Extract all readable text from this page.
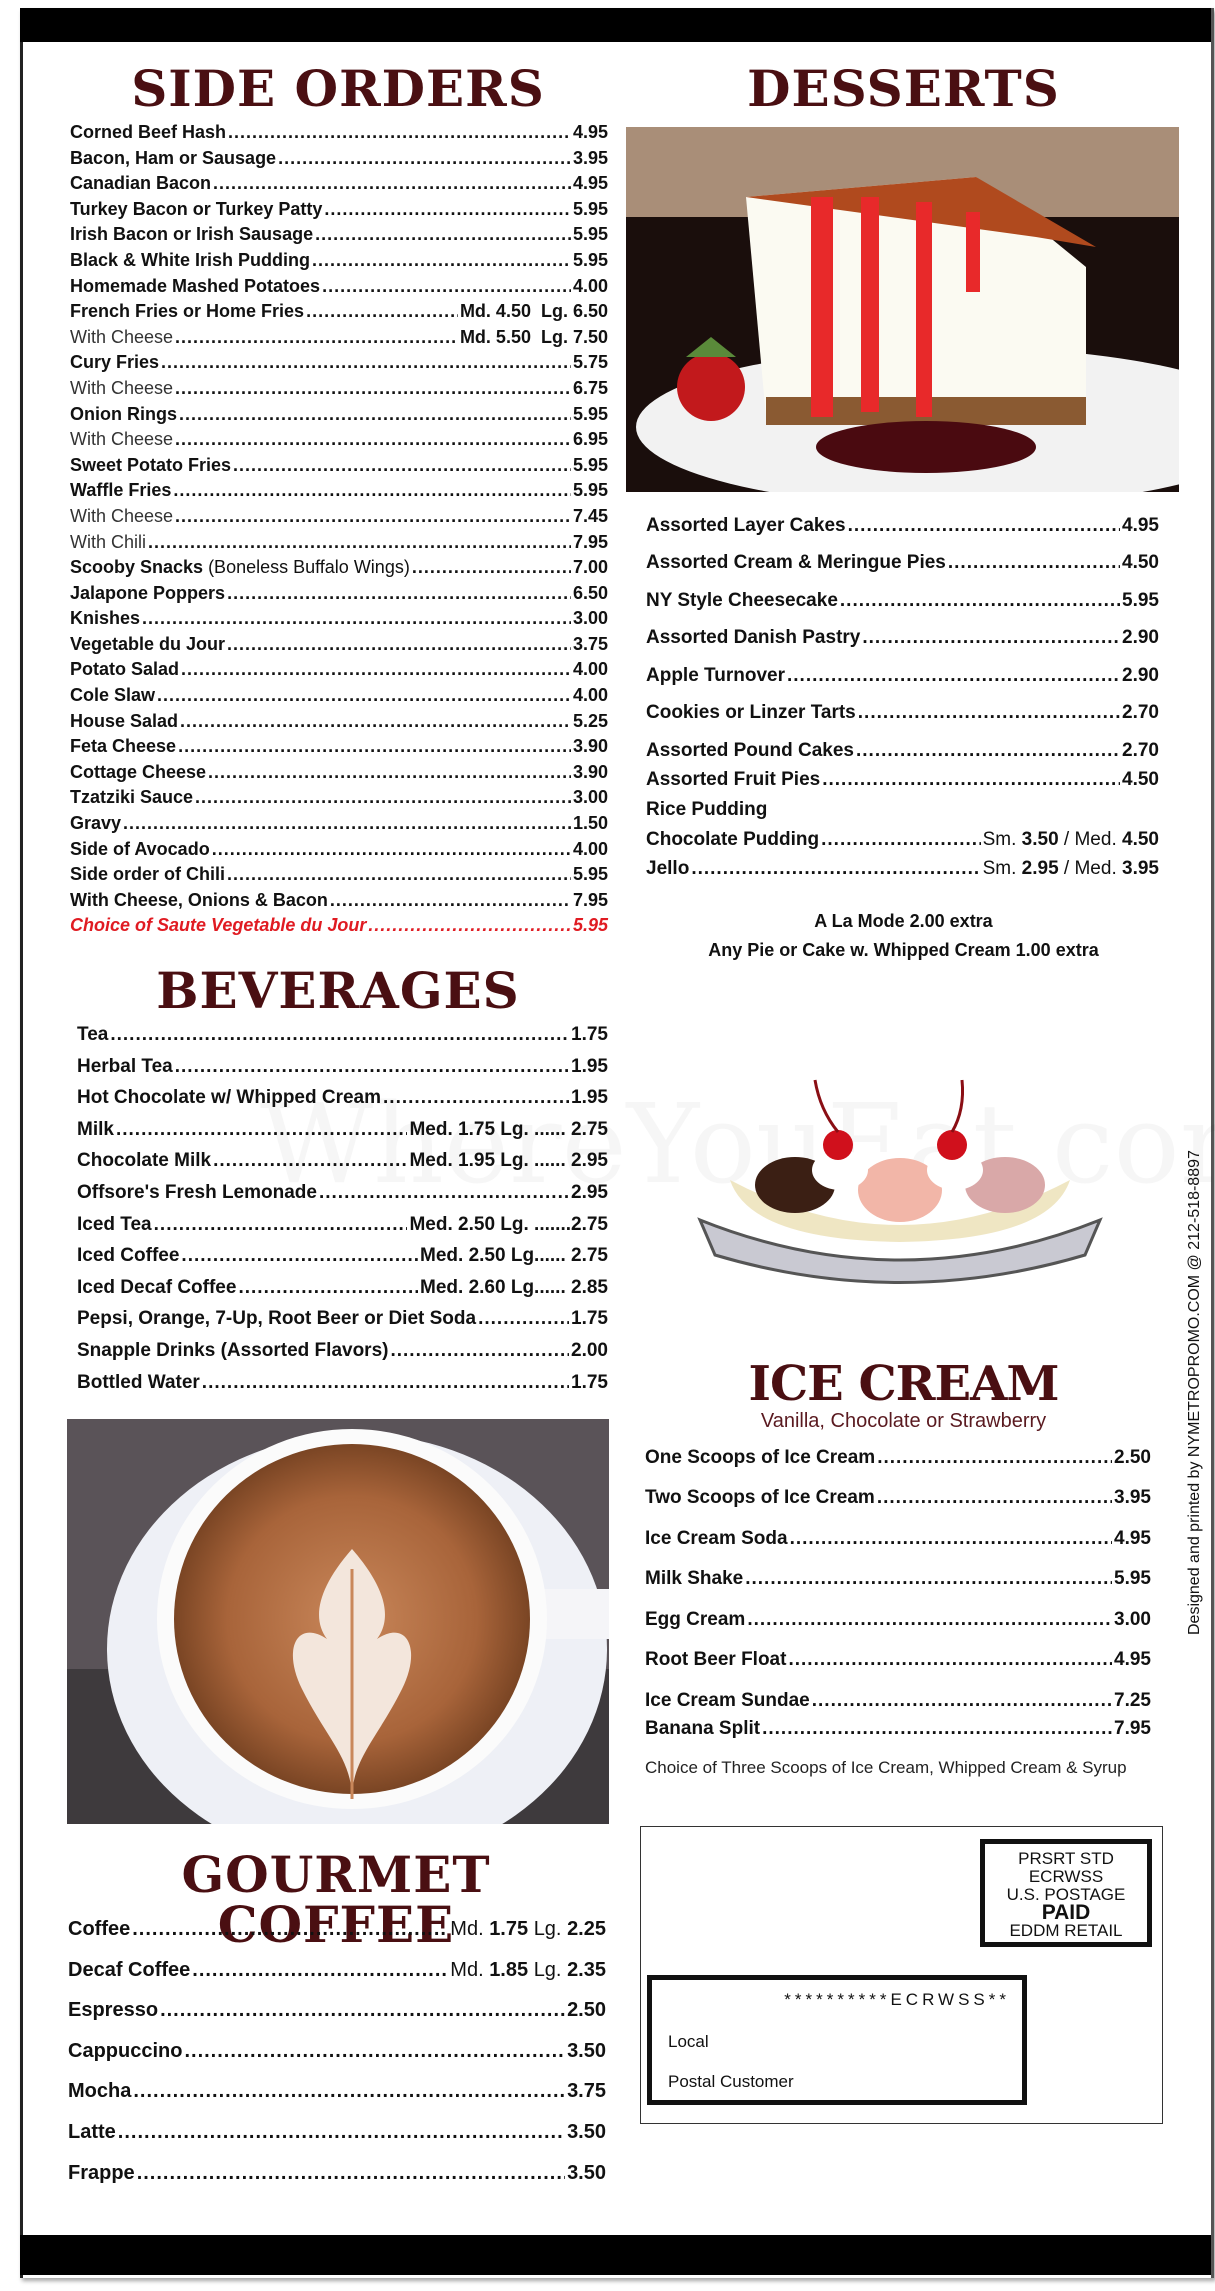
SIDE ORDERS
Corned Beef Hash .....	4.95
Bacon, Ham or Sausage .....	3.95
Canadian Bacon .....	4.95
Turkey Bacon or Turkey Patty .....	5.95
Irish Bacon or Irish Sausage .....	5.95
Black & White Irish Pudding .....	5.95
Homemade Mashed Potatoes .....	4.00
French Fries or Home Fries .....	Md. 4.50  Lg. 6.50
With Cheese .....	Md. 5.50  Lg. 7.50
Cury Fries .....	5.75
With Cheese .....	6.75
Onion Rings .....	5.95
With Cheese .....	6.95
Sweet Potato Fries .....	5.95
Waffle Fries .....	5.95
With Cheese .....	7.45
With Chili .....	7.95
Scooby Snacks (Boneless Buffalo Wings) .....	7.00
Jalapone Poppers .....	6.50
Knishes .....	3.00
Vegetable du Jour .....	3.75
Potato Salad .....	4.00
Cole Slaw .....	4.00
House Salad .....	5.25
Feta Cheese .....	3.90
Cottage Cheese .....	3.90
Tzatziki Sauce .....	3.00
Gravy .....	1.50
Side of Avocado .....	4.00
Side order of Chili .....	5.95
With Cheese, Onions & Bacon .....	7.95
Choice of Saute Vegetable du Jour .....	5.95
BEVERAGES
Tea .....	1.75
Herbal Tea .....	1.95
Hot Chocolate w/ Whipped Cream .....	1.95
Milk .....	Med. 1.75 Lg. ...... 2.75
Chocolate Milk .....	Med. 1.95 Lg. ...... 2.95
Offsore's Fresh Lemonade .....	2.95
Iced Tea .....	Med. 2.50 Lg. .......2.75
Iced Coffee .....	Med. 2.50 Lg...... 2.75
Iced Decaf Coffee .....	Med. 2.60 Lg...... 2.85
Pepsi, Orange, 7-Up, Root Beer or Diet Soda .....	1.75
Snapple Drinks (Assorted Flavors) .....	2.00
Bottled Water .....	1.75
GOURMET COFFEE
Coffee .....	Md. 1.75 Lg. 2.25
Decaf Coffee .....	Md. 1.85 Lg. 2.35
Espresso .....	2.50
Cappuccino .....	3.50
Mocha .....	3.75
Latte .....	3.50
Frappe .....	3.50
DESSERTS
Assorted Layer Cakes .....	4.95
Assorted Cream & Meringue Pies .....	4.50
NY Style Cheesecake .....	5.95
Assorted Danish Pastry .....	2.90
Apple Turnover .....	2.90
Cookies or Linzer Tarts .....	2.70
Assorted Pound Cakes .....	2.70
Assorted Fruit Pies .....	4.50
Rice Pudding
Chocolate Pudding .....	Sm. 3.50 / Med. 4.50
Jello .....	Sm. 2.95 / Med. 3.95
A La Mode 2.00 extra
Any Pie or Cake w. Whipped Cream 1.00 extra
ICE CREAM
Vanilla, Chocolate or Strawberry
One Scoops of Ice Cream .....	2.50
Two Scoops of Ice Cream .....	3.95
Ice Cream Soda .....	4.95
Milk Shake .....	5.95
Egg Cream .....	3.00
Root Beer Float .....	4.95
Ice Cream Sundae .....	7.25
Banana Split .....	7.95
Choice of Three Scoops of Ice Cream, Whipped Cream & Syrup
PRSRT STD
ECRWSS
U.S. POSTAGE
PAID
EDDM RETAIL
**********ECRWSS**
Local
Postal Customer
Designed and printed by NYMETROPROMO.COM @ 212-518-8897
